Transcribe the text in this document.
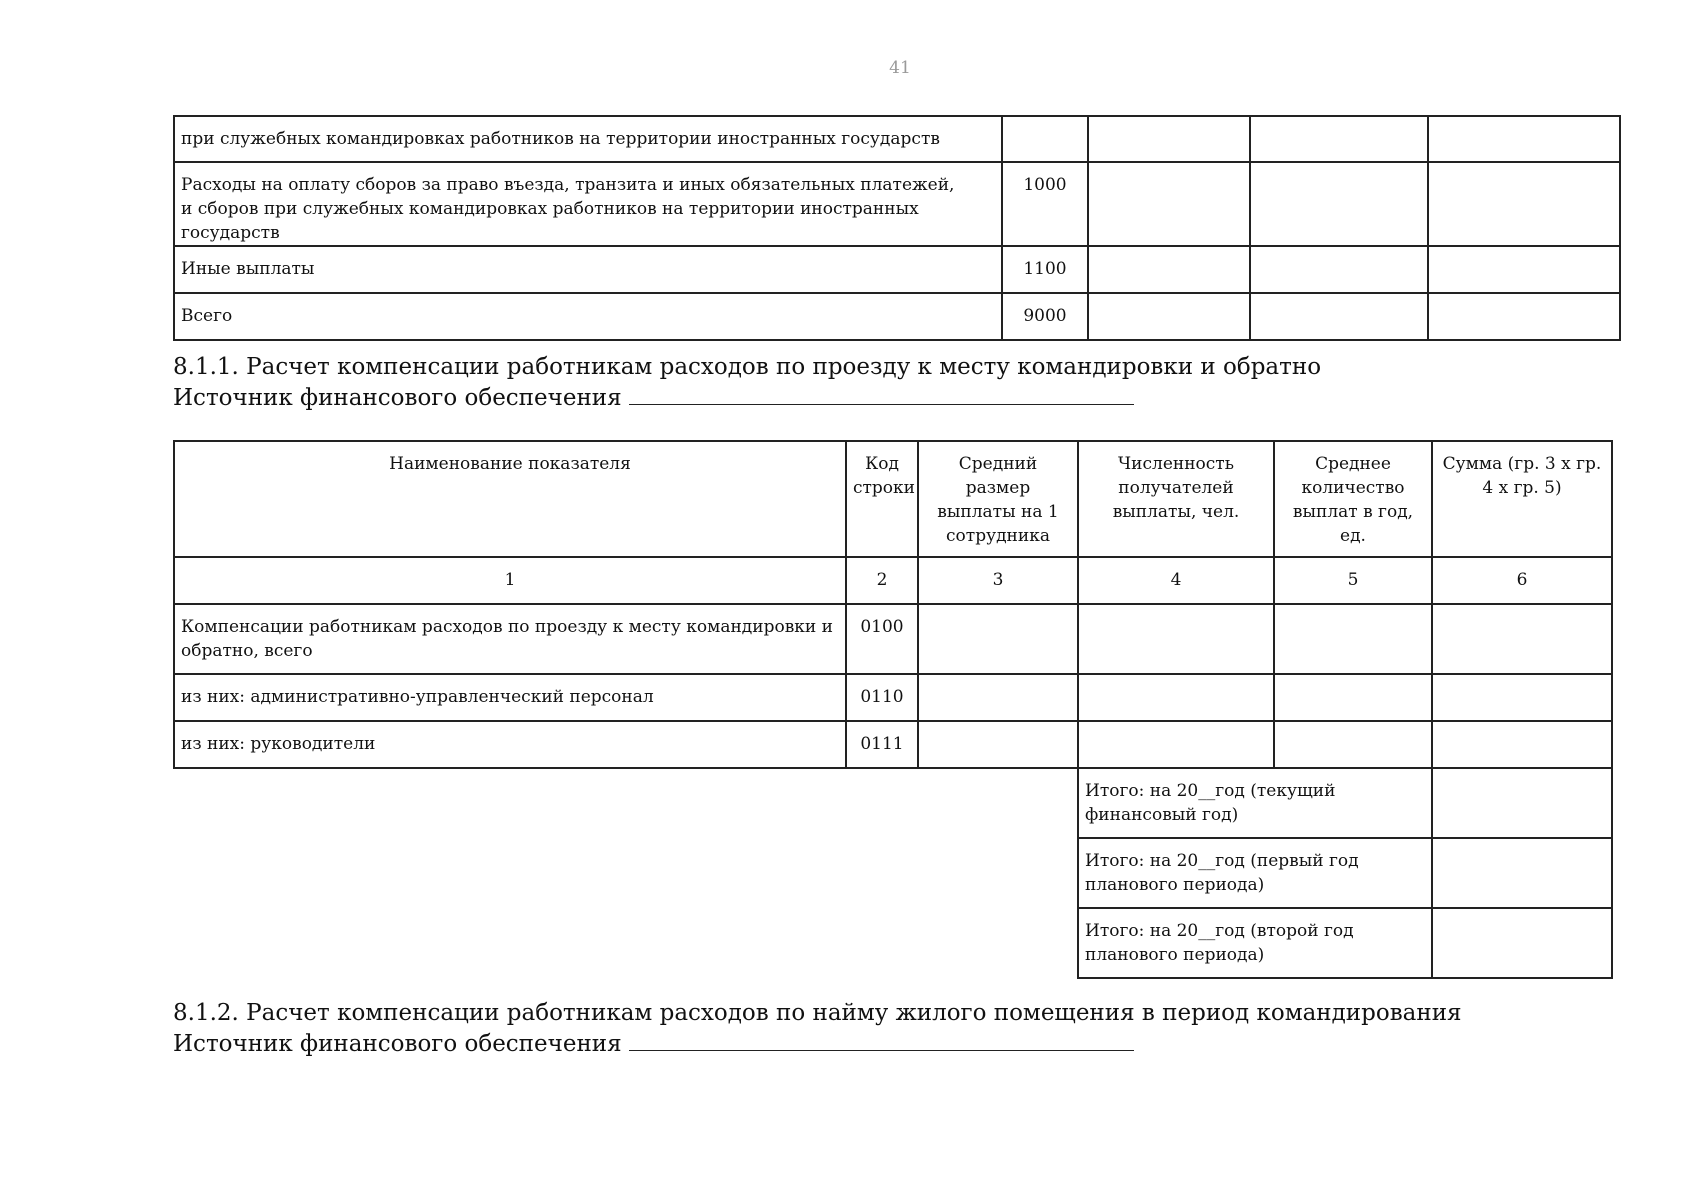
41
при служебных командировках работников на территории иностранных государств				
Расходы на оплату сборов за право въезда, транзита и иных обязательных платежей,
и сборов при служебных командировках работников на территории иностранных государств	1000			
Иные выплаты	1100			
Всего	9000			
8.1.1. Расчет компенсации работникам расходов по проезду к месту командировки и обратно
Источник финансового обеспечения
Наименование показателя	Код строки	Средний размер выплаты на 1 сотрудника	Численность получателей выплаты, чел.	Среднее количество выплат в год, ед.	Сумма (гр. 3 х гр. 4 х гр. 5)
1	2	3	4	5	6
Компенсации работникам расходов по проезду к месту командировки и обратно, всего	0100				
из них: административно-управленческий персонал	0110				
из них: руководители	0111				
			Итого: на 20__год (текущий финансовый год)		
			Итого: на 20__год (первый год планового периода)		
			Итого: на 20__год (второй год планового периода)		
8.1.2. Расчет компенсации работникам расходов по найму жилого помещения в период командирования
Источник финансового обеспечения
